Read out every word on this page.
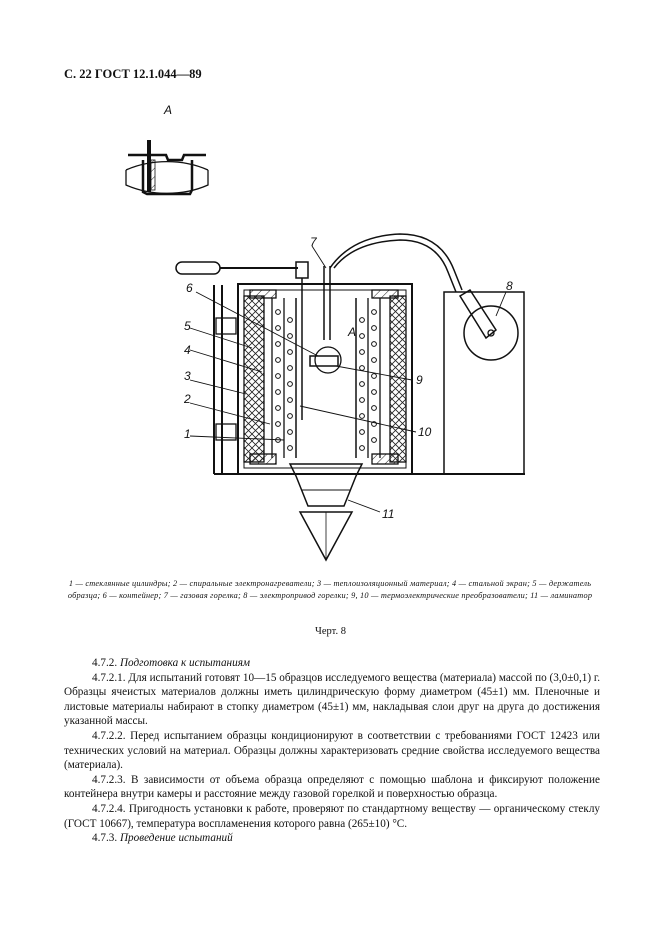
С. 22 ГОСТ 12.1.044—89
A
6
5
4
3
2
1
7
8
9
10
11
A
1 — стеклянные цилиндры; 2 — спиральные электронагреватели; 3 — теплоизоляционный материал; 4 — стальной экран; 5 — держатель образца; 6 — контейнер; 7 — газовая горелка; 8 — электропривод горелки; 9, 10 — термоэлектрические преобразователи; 11 — ламинатор
Черт. 8

4.7.2. Подготовка к испытаниям

4.7.2.1. Для испытаний готовят 10—15 образцов исследуемого вещества (материала) массой по (3,0±0,1) г. Образцы ячеистых материалов должны иметь цилиндрическую форму диаметром (45±1) мм. Пленочные и листовые материалы набирают в стопку диаметром (45±1) мм, накладывая слои друг на друга до достижения указанной массы.

4.7.2.2. Перед испытанием образцы кондиционируют в соответствии с требованиями ГОСТ 12423 или технических условий на материал. Образцы должны характеризовать средние свойства исследуемого вещества (материала).

4.7.2.3. В зависимости от объема образца определяют с помощью шаблона и фиксируют положение контейнера внутри камеры и расстояние между газовой горелкой и поверхностью образца.

4.7.2.4. Пригодность установки к работе, проверяют по стандартному веществу — органическому стеклу (ГОСТ 10667), температура воспламенения которого равна (265±10) °С.

4.7.3. Проведение испытаний
